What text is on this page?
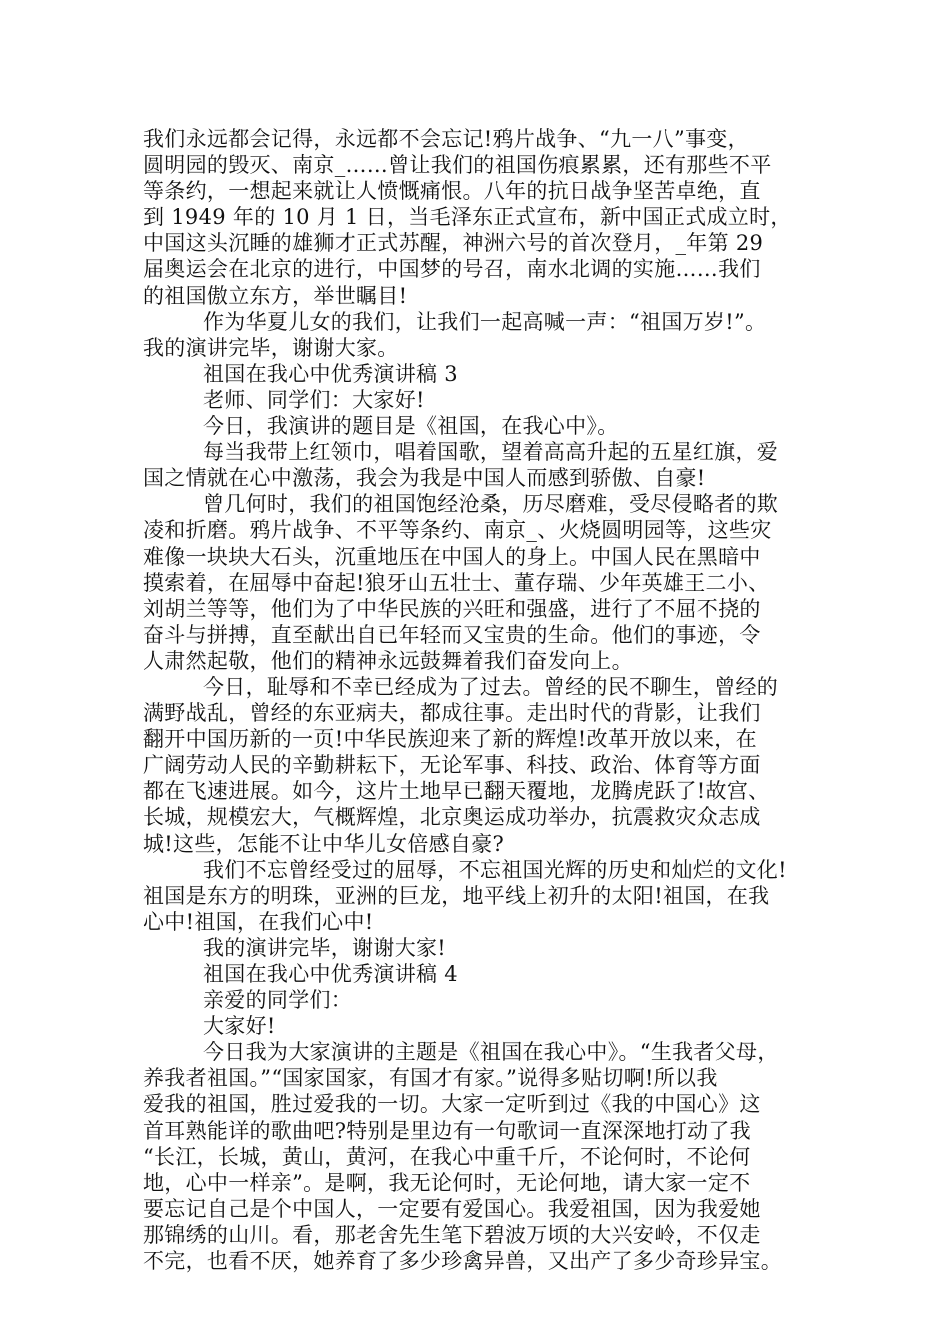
我们永远都会记得，永远都不会忘记!鸦片战争、“九一八”事变，
圆明园的毁灭、南京_……曾让我们的祖国伤痕累累，还有那些不平
等条约，一想起来就让人愤慨痛恨。八年的抗日战争坚苦卓绝，直
到 1949 年的 10 月 1 日，当毛泽东正式宣布，新中国正式成立时，
中国这头沉睡的雄狮才正式苏醒，神洲六号的首次登月，_年第 29
届奥运会在北京的进行，中国梦的号召，南水北调的实施……我们
的祖国傲立东方，举世瞩目!
作为华夏儿女的我们，让我们一起高喊一声：“祖国万岁!”。
我的演讲完毕，谢谢大家。
祖国在我心中优秀演讲稿 3
老师、同学们：大家好!
今日，我演讲的题目是《祖国，在我心中》。
每当我带上红领巾，唱着国歌，望着高高升起的五星红旗，爱
国之情就在心中激荡，我会为我是中国人而感到骄傲、自豪!
曾几何时，我们的祖国饱经沧桑，历尽磨难，受尽侵略者的欺
凌和折磨。鸦片战争、不平等条约、南京_、火烧圆明园等，这些灾
难像一块块大石头，沉重地压在中国人的身上。中国人民在黑暗中
摸索着，在屈辱中奋起!狼牙山五壮士、董存瑞、少年英雄王二小、
刘胡兰等等，他们为了中华民族的兴旺和强盛，进行了不屈不挠的
奋斗与拼搏，直至献出自已年轻而又宝贵的生命。他们的事迹，令
人肃然起敬，他们的精神永远鼓舞着我们奋发向上。
今日，耻辱和不幸已经成为了过去。曾经的民不聊生，曾经的
满野战乱，曾经的东亚病夫，都成往事。走出时代的背影，让我们
翻开中国历新的一页!中华民族迎来了新的辉煌!改革开放以来，在
广阔劳动人民的辛勤耕耘下，无论军事、科技、政治、体育等方面
都在飞速进展。如今，这片土地早已翻天覆地，龙腾虎跃了!故宫、
长城，规模宏大，气概辉煌，北京奥运成功举办，抗震救灾众志成
城!这些，怎能不让中华儿女倍感自豪?
我们不忘曾经受过的屈辱，不忘祖国光辉的历史和灿烂的文化!
祖国是东方的明珠，亚洲的巨龙，地平线上初升的太阳!祖国，在我
心中!祖国，在我们心中!
我的演讲完毕，谢谢大家!
祖国在我心中优秀演讲稿 4
亲爱的同学们：
大家好!
今日我为大家演讲的主题是《祖国在我心中》。“生我者父母，
养我者祖国。”“国家国家，有国才有家。”说得多贴切啊!所以我
爱我的祖国，胜过爱我的一切。大家一定听到过《我的中国心》这
首耳熟能详的歌曲吧?特别是里边有一句歌词一直深深地打动了我
“长江，长城，黄山，黄河，在我心中重千斤，不论何时，不论何
地，心中一样亲”。是啊，我无论何时，无论何地，请大家一定不
要忘记自己是个中国人，一定要有爱国心。我爱祖国，因为我爱她
那锦绣的山川。看，那老舍先生笔下碧波万顷的大兴安岭，不仅走
不完，也看不厌，她养育了多少珍禽异兽，又出产了多少奇珍异宝。
